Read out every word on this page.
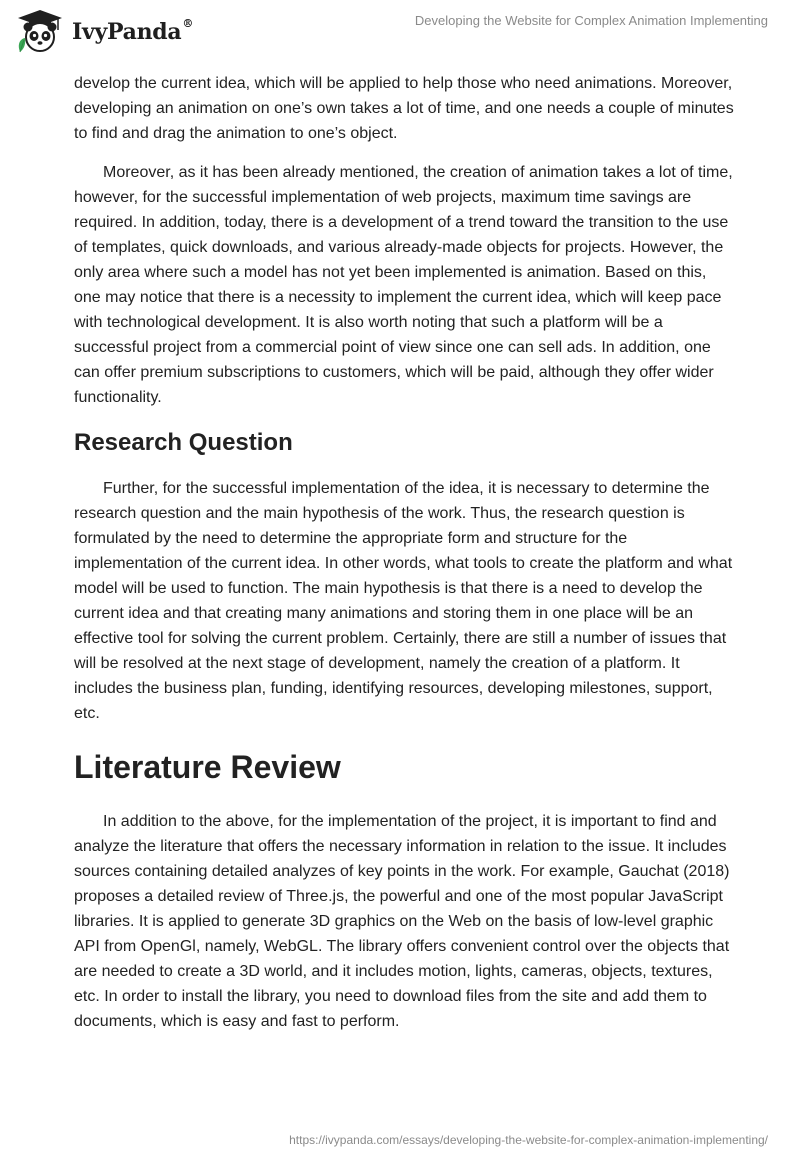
IvyPanda®	Developing the Website for Complex Animation Implementing

develop the current idea, which will be applied to help those who need animations. Moreover, developing an animation on one’s own takes a lot of time, and one needs a couple of minutes to find and drag the animation to one’s object.

Moreover, as it has been already mentioned, the creation of animation takes a lot of time, however, for the successful implementation of web projects, maximum time savings are required. In addition, today, there is a development of a trend toward the transition to the use of templates, quick downloads, and various already-made objects for projects. However, the only area where such a model has not yet been implemented is animation. Based on this, one may notice that there is a necessity to implement the current idea, which will keep pace with technological development. It is also worth noting that such a platform will be a successful project from a commercial point of view since one can sell ads. In addition, one can offer premium subscriptions to customers, which will be paid, although they offer wider functionality.

Research Question

Further, for the successful implementation of the idea, it is necessary to determine the research question and the main hypothesis of the work. Thus, the research question is formulated by the need to determine the appropriate form and structure for the implementation of the current idea. In other words, what tools to create the platform and what model will be used to function. The main hypothesis is that there is a need to develop the current idea and that creating many animations and storing them in one place will be an effective tool for solving the current problem. Certainly, there are still a number of issues that will be resolved at the next stage of development, namely the creation of a platform. It includes the business plan, funding, identifying resources, developing milestones, support, etc.

Literature Review

In addition to the above, for the implementation of the project, it is important to find and analyze the literature that offers the necessary information in relation to the issue. It includes sources containing detailed analyzes of key points in the work. For example, Gauchat (2018) proposes a detailed review of Three.js, the powerful and one of the most popular JavaScript libraries. It is applied to generate 3D graphics on the Web on the basis of low-level graphic API from OpenGl, namely, WebGL. The library offers convenient control over the objects that are needed to create a 3D world, and it includes motion, lights, cameras, objects, textures, etc. In order to install the library, you need to download files from the site and add them to documents, which is easy and fast to perform.

https://ivypanda.com/essays/developing-the-website-for-complex-animation-implementing/
